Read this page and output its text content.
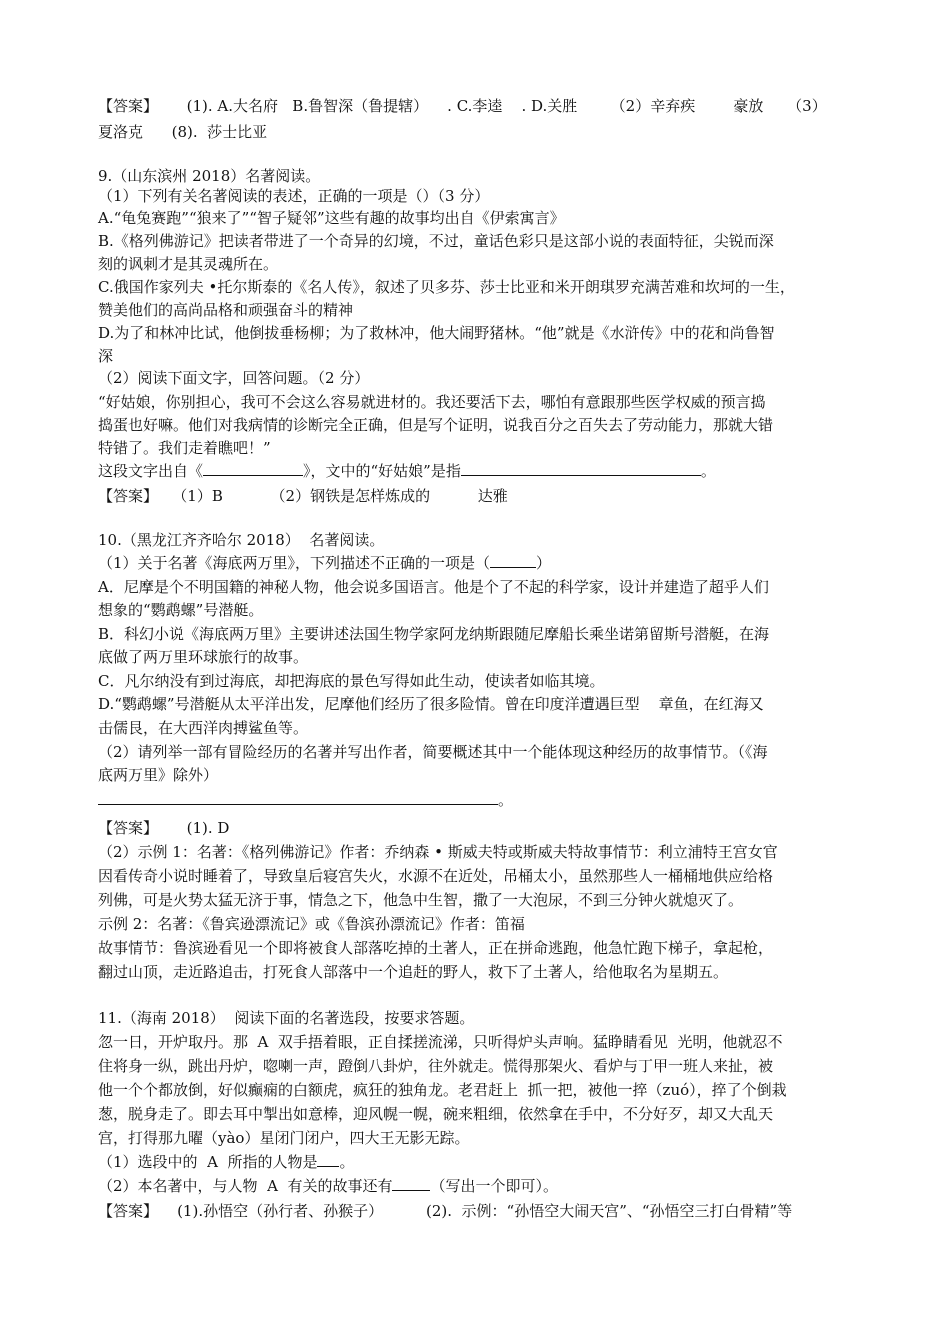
【答案】      (1). A.大名府   B.鲁智深（鲁提辖）    . C.李逵    . D.关胜       （2）辛弃疾        豪放     （3）
夏洛克      (8).  莎士比亚
9.（山东滨州 2018）名著阅读。
（1）下列有关名著阅读的表述，正确的一项是（）（3 分）
A.“龟兔赛跑”“狼来了”“智子疑邻”这些有趣的故事均出自《伊索寓言》
B.《格列佛游记》把读者带进了一个奇异的幻境，不过，童话色彩只是这部小说的表面特征，尖锐而深
刻的讽刺才是其灵魂所在。
C.俄国作家列夫 •托尔斯泰的《名人传》，叙述了贝多芬、莎士比亚和米开朗琪罗充满苦难和坎坷的一生，
赞美他们的高尚品格和顽强奋斗的精神
D.为了和林冲比试，他倒拔垂杨柳；为了救林冲，他大闹野猪林。“他”就是《水浒传》中的花和尚鲁智
深
（2）阅读下面文字，回答问题。（2 分）
“好姑娘，你别担心，我可不会这么容易就进材的。我还要活下去，哪怕有意跟那些医学权威的预言捣
捣蛋也好嘛。他们对我病情的诊断完全正确，但是写个证明，说我百分之百失去了劳动能力，那就大错
特错了。我们走着瞧吧！”
这段文字出自《	》，文中的“好姑娘”是指	。
【答案】   （1）B          （2）钢铁是怎样炼成的          达雅
10.（黑龙江齐齐哈尔 2018）  名著阅读。
（1）关于名著《海底两万里》，下列描述不正确的一项是（	）
A．尼摩是个不明国籍的神秘人物，他会说多国语言。他是个了不起的科学家，设计并建造了超乎人们
想象的“鹦鹉螺”号潜艇。
B．科幻小说《海底两万里》主要讲述法国生物学家阿龙纳斯跟随尼摩船长乘坐诺第留斯号潜艇，在海
底做了两万里环球旅行的故事。
C．凡尔纳没有到过海底，却把海底的景色写得如此生动，使读者如临其境。
D.“鹦鹉螺”号潜艇从太平洋出发，尼摩他们经历了很多险情。曾在印度洋遭遇巨型    章鱼，在红海又
击儒艮，在大西洋肉搏鲨鱼等。
（2）请列举一部有冒险经历的名著并写出作者，简要概述其中一个能体现这种经历的故事情节。（《海
底两万里》除外）
。
【答案】      (1). D
（2）示例 1：名著：《格列佛游记》作者：乔纳森 • 斯威夫特或斯威夫特故事情节：利立浦特王宫女官
因看传奇小说时睡着了，导致皇后寝宫失火，水源不在近处，吊桶太小，虽然那些人一桶桶地供应给格
列佛，可是火势太猛无济于事，情急之下，他急中生智，撒了一大泡尿，不到三分钟火就熄灭了。
示例 2：名著：《鲁宾逊漂流记》或《鲁滨孙漂流记》作者：笛福
故事情节：鲁滨逊看见一个即将被食人部落吃掉的土著人，正在拼命逃跑，他急忙跑下梯子，拿起枪，
翻过山顶，走近路追击，打死食人部落中一个追赶的野人，救下了土著人，给他取名为星期五。
11.（海南 2018）  阅读下面的名著选段，按要求答题。
忽一日，开炉取丹。那  A  双手捂着眼，正自揉搓流涕，只听得炉头声响。猛睁睛看见  光明，他就忍不
住将身一纵，跳出丹炉，唿喇一声，蹬倒八卦炉，往外就走。慌得那架火、看炉与丁甲一班人来扯，被
他一个个都放倒，好似癫痫的白额虎，疯狂的独角龙。老君赶上  抓一把，被他一捽（zuó），捽了个倒栽
葱，脱身走了。即去耳中掣出如意棒，迎风幌一幌，碗来粗细，依然拿在手中，不分好歹，却又大乱天
宫，打得那九曜（yào）星闭门闭户，四大王无影无踪。
（1）选段中的  A  所指的人物是 。
（2）本名著中，与人物  A  有关的故事还有	（写出一个即可）。
【答案】    (1).孙悟空（孙行者、孙猴子）         (2).  示例：“孙悟空大闹天宫”、“孙悟空三打白骨精”等
